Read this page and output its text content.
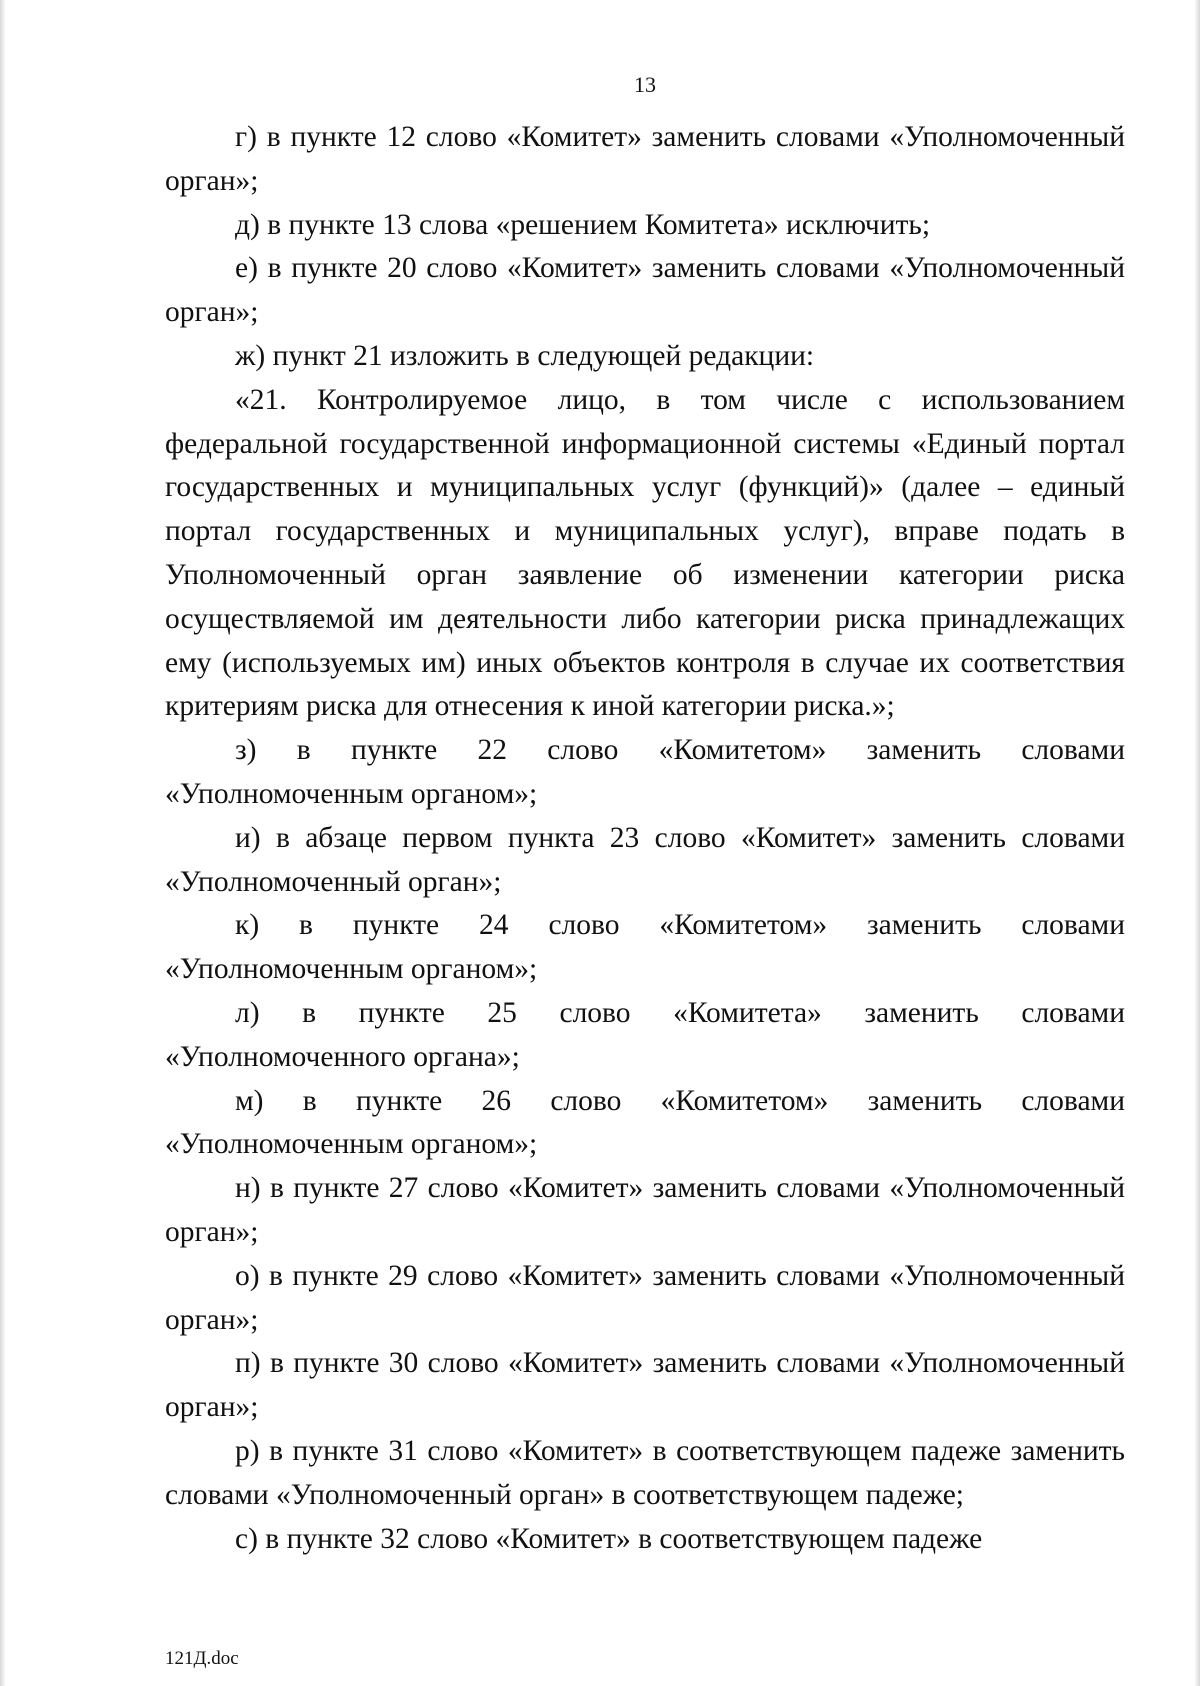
13

г) в пункте 12 слово «Комитет» заменить словами «Уполномоченный орган»;

д) в пункте 13 слова «решением Комитета» исключить;

е) в пункте 20 слово «Комитет» заменить словами «Уполномоченный орган»;

ж) пункт 21 изложить в следующей редакции:

«21. Контролируемое лицо, в том числе с использованием федеральной государственной информационной системы «Единый портал государственных и муниципальных услуг (функций)» (далее – единый портал государственных и муниципальных услуг), вправе подать в Уполномоченный орган заявление об изменении категории риска осуществляемой им деятельности либо категории риска принадлежащих ему (используемых им) иных объектов контроля в случае их соответствия критериям риска для отнесения к иной категории риска.»;

з) в пункте 22 слово «Комитетом» заменить словами «Уполномоченным органом»;

и) в абзаце первом пункта 23 слово «Комитет» заменить словами «Уполномоченный орган»;

к) в пункте 24 слово «Комитетом» заменить словами «Уполномоченным органом»;

л) в пункте 25 слово «Комитета» заменить словами «Уполномоченного органа»;

м) в пункте 26 слово «Комитетом» заменить словами «Уполномоченным органом»;

н) в пункте 27 слово «Комитет» заменить словами «Уполномоченный орган»;

о) в пункте 29 слово «Комитет» заменить словами «Уполномоченный орган»;

п) в пункте 30 слово «Комитет» заменить словами «Уполномоченный орган»;

р) в пункте 31 слово «Комитет» в соответствующем падеже заменить словами «Уполномоченный орган» в соответствующем падеже;

с) в пункте 32 слово «Комитет» в соответствующем падеже

121Д.doc
